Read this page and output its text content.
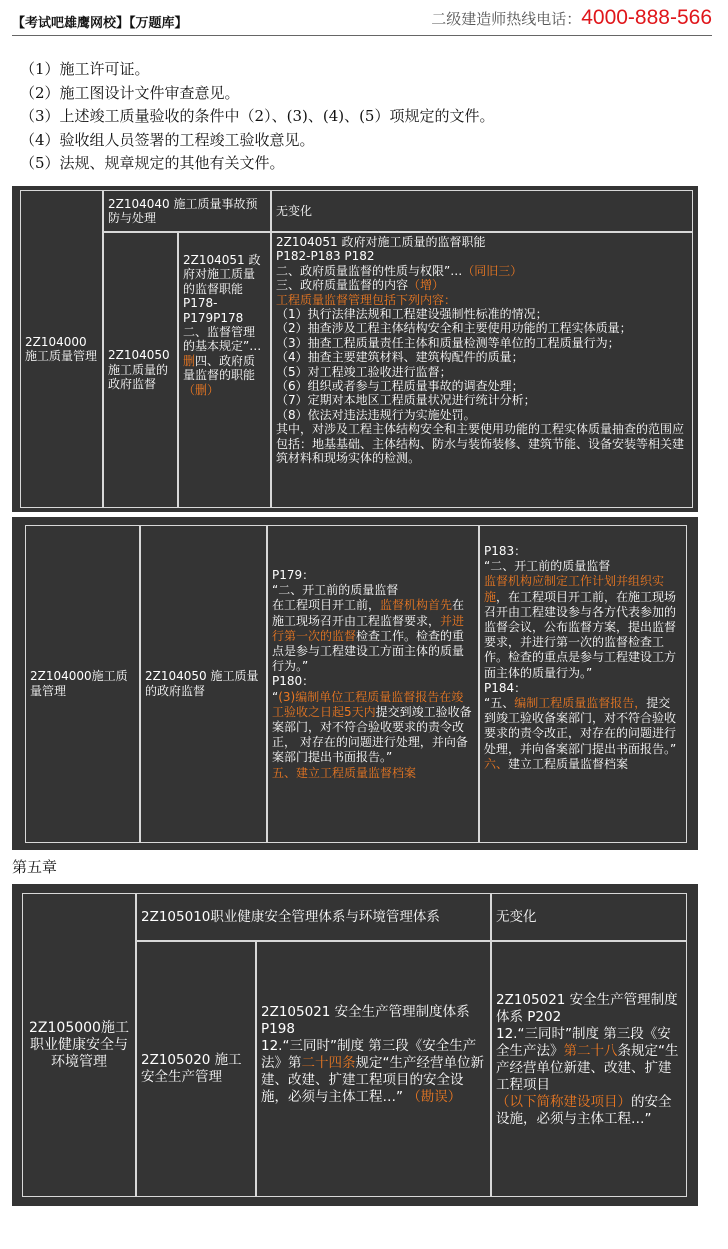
【考试吧雄鹰网校】【万题库】	二级建造师热线电话：4000-888-566
（1）施工许可证。
（2）施工图设计文件审查意见。
（3）上述竣工质量验收的条件中（2）、(3)、(4)、(5）项规定的文件。
（4）验收组人员签署的工程竣工验收意见。
（5）法规、规章规定的其他有关文件。
2Z104000施工质量管理
2Z104040 施工质量事故预防与处理
无变化
2Z104050 施工质量的政府监督
2Z104051 政府对施工质量的监督职能P178-P179P178二、监督管理的基本规定”…删四、政府质量监督的职能（删）
2Z104051 政府对施工质量的监督职能
P182-P183 P182
二、政府质量监督的性质与权限”…（同旧三）
三、政府质量监督的内容（增）
工程质量监督管理包括下列内容：
（1）执行法律法规和工程建设强制性标准的情况；
（2）抽查涉及工程主体结构安全和主要使用功能的工程实体质量；
（3）抽查工程质量责任主体和质量检测等单位的工程质量行为；
（4）抽查主要建筑材料、建筑构配件的质量；
（5）对工程竣工验收进行监督；
（6）组织或者参与工程质量事故的调查处理；
（7）定期对本地区工程质量状况进行统计分析；
（8）依法对违法违规行为实施处罚。
其中，对涉及工程主体结构安全和主要使用功能的工程实体质量抽查的范围应包括：地基基础、主体结构、防水与装饰装修、建筑节能、设备安装等相关建筑材料和现场实体的检测。
2Z104000施工质量管理
2Z104050 施工质量的政府监督
P179：
“二、开工前的质量监督
在工程项目开工前，监督机构首先在施工现场召开由工程监督要求，并进行第一次的监督检查工作。检查的重点是参与工程建设工方面主体的质量行为。”
P180：
“(3)编制单位工程质量监督报告在竣工验收之日起5天内提交到竣工验收备案部门，对不符合验收要求的责令改正， 对存在的问题进行处理，并向备案部门提出书面报告。”
五、建立工程质量监督档案
P183：
“二、开工前的质量监督
监督机构应制定工作计划并组织实施，在工程项目开工前，在施工现场召开由工程建设参与各方代表参加的监督会议，公布监督方案，提出监督要求，并进行第一次的监督检查工作。检查的重点是参与工程建设工方面主体的质量行为。”
P184：
“五、编制工程质量监督报告，提交到竣工验收备案部门，对不符合验收要求的责令改正，对存在的问题进行处理，并向备案部门提出书面报告。”
六、建立工程质量监督档案
第五章
2Z105000施工职业健康安全与环境管理
2Z105010职业健康安全管理体系与环境管理体系	无变化
2Z105020 施工安全生产管理
2Z105021 安全生产管理制度体系 P198
12.“三同时”制度 第三段《安全生产法》第二十四条规定“生产经营单位新建、改建、扩建工程项目的安全设施，必须与主体工程…” （勘误）
2Z105021 安全生产管理制度体系 P202
12.“三同时”制度 第三段《安全生产法》第二十八条规定“生产经营单位新建、改建、扩建工程项目（以下简称建设项目）的安全设施，必须与主体工程…”
